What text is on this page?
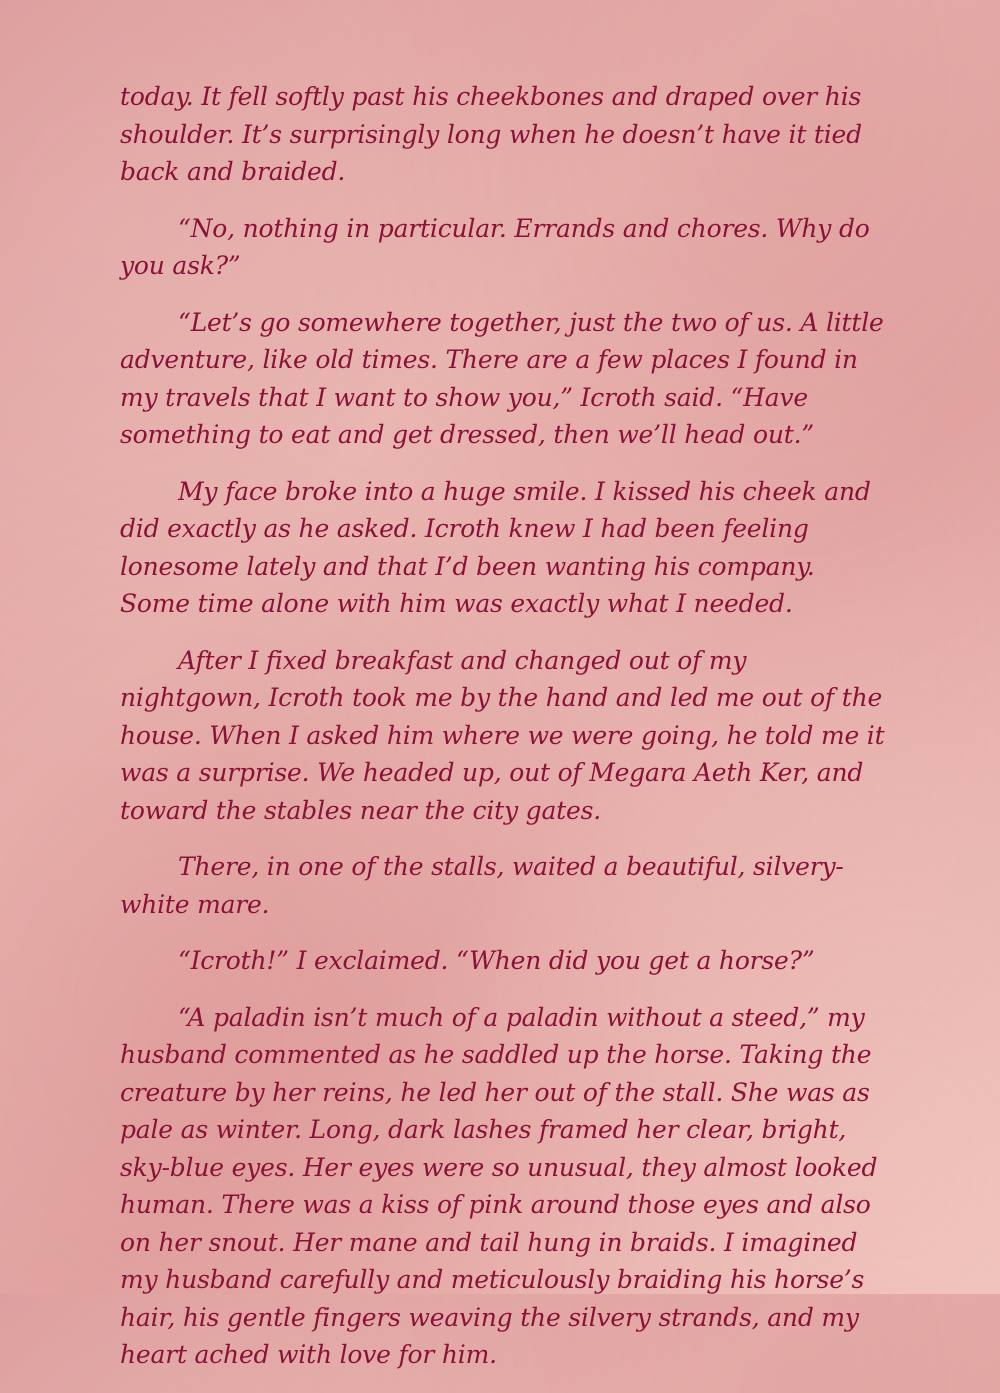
today. It fell softly past his cheekbones and draped over his shoulder. It’s surprisingly long when he doesn’t have it tied back and braided.

“No, nothing in particular. Errands and chores. Why do you ask?”

“Let’s go somewhere together, just the two of us. A little adventure, like old times. There are a few places I found in my travels that I want to show you,” Icroth said. “Have something to eat and get dressed, then we’ll head out.”

My face broke into a huge smile. I kissed his cheek and did exactly as he asked. Icroth knew I had been feeling lonesome lately and that I’d been wanting his company. Some time alone with him was exactly what I needed.

After I fixed breakfast and changed out of my nightgown, Icroth took me by the hand and led me out of the house. When I asked him where we were going, he told me it was a surprise. We headed up, out of Megara Aeth Ker, and toward the stables near the city gates.

There, in one of the stalls, waited a beautiful, silvery-white mare.

“Icroth!” I exclaimed. “When did you get a horse?”

“A paladin isn’t much of a paladin without a steed,” my husband commented as he saddled up the horse. Taking the creature by her reins, he led her out of the stall. She was as pale as winter. Long, dark lashes framed her clear, bright, sky-blue eyes. Her eyes were so unusual, they almost looked human. There was a kiss of pink around those eyes and also on her snout. Her mane and tail hung in braids. I imagined my husband carefully and meticulously braiding his horse’s hair, his gentle fingers weaving the silvery strands, and my heart ached with love for him.
